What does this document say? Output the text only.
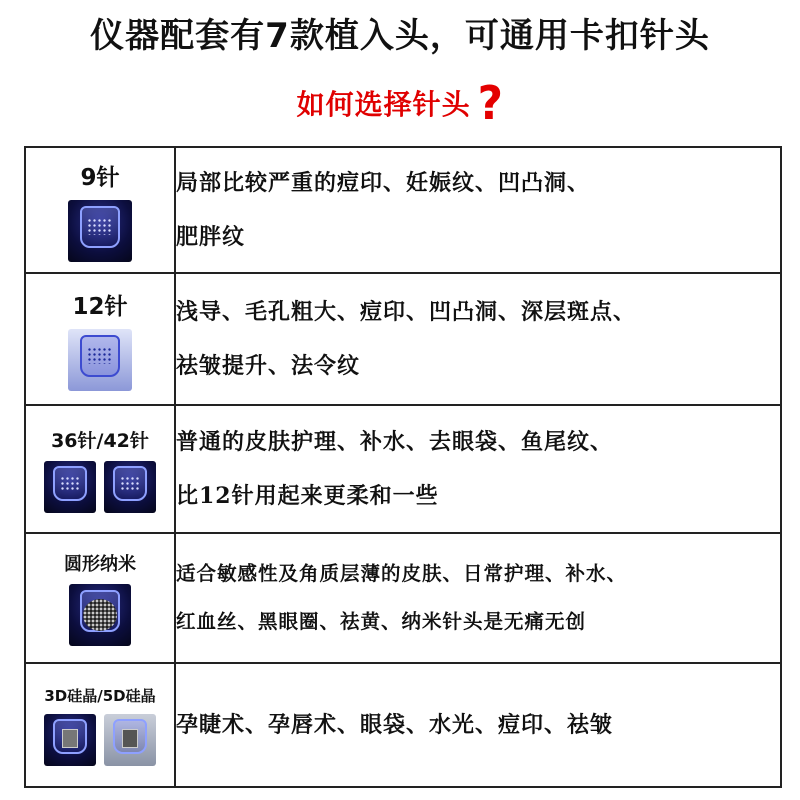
仪器配套有7款植入头，可通用卡扣针头
如何选择针头 ?
9针	局部比较严重的痘印、妊娠纹、凹凸洞、
肥胖纹

12针	浅导、毛孔粗大、痘印、凹凸洞、深层斑点、
祛皱提升、法令纹

36针/42针	普通的皮肤护理、补水、去眼袋、鱼尾纹、
比12针用起来更柔和一些

圆形纳米	适合敏感性及角质层薄的皮肤、日常护理、补水、
红血丝、黑眼圈、祛黄、纳米针头是无痛无创

3D硅晶/5D硅晶	孕睫术、孕唇术、眼袋、水光、痘印、祛皱
